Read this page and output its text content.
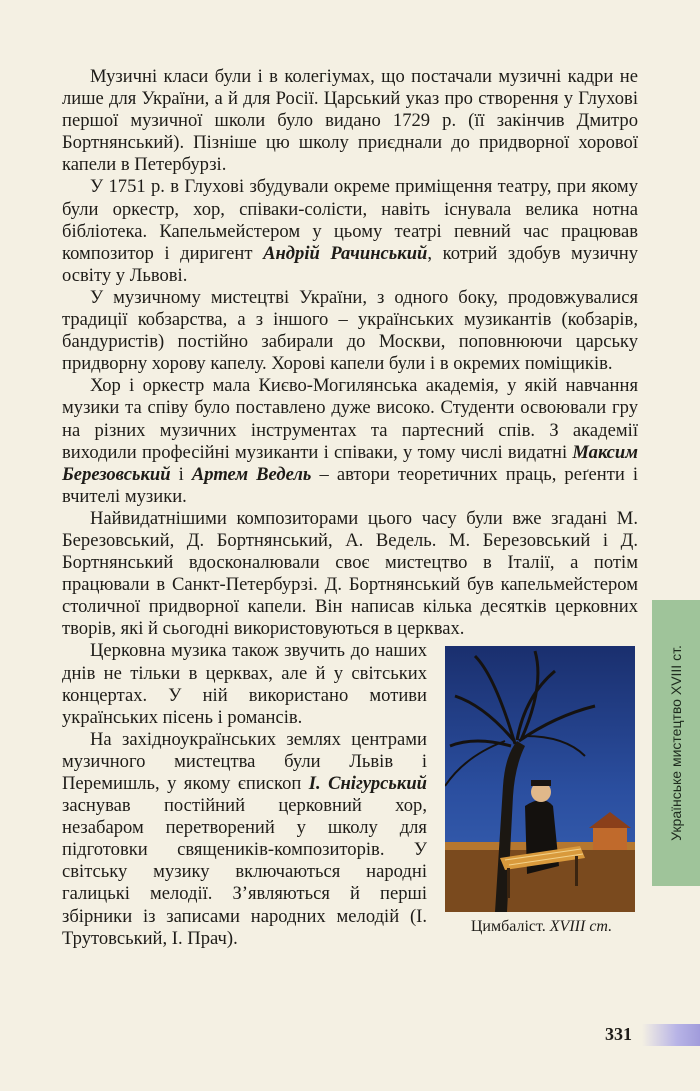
Музичні класи були і в колегіумах, що постачали музичні кадри не лише для України, а й для Росії. Царський указ про створення у Глухові першої музичної школи було видано 1729 р. (її закінчив Дмитро Бортнянський). Пізніше цю школу приєднали до придворної хорової капели в Петербурзі.

У 1751 р. в Глухові збудували окреме приміщення театру, при якому були оркестр, хор, співаки-солісти, навіть існувала велика нотна бібліотека. Капельмейстером у цьому театрі певний час працював композитор і диригент Андрій Рачинський, котрий здобув музичну освіту у Львові.

У музичному мистецтві України, з одного боку, продовжувалися традиції кобзарства, а з іншого – українських музикантів (кобзарів, бандуристів) постійно забирали до Москви, поповнюючи царську придворну хорову капелу. Хорові капели були і в окремих поміщиків.

Хор і оркестр мала Києво-Могилянська академія, у якій навчання музики та співу було поставлено дуже високо. Студенти освоювали гру на різних музичних інструментах та партесний спів. З академії виходили професійні музиканти і співаки, у тому числі видатні Максим Березовський і Артем Ведель – автори теоретичних праць, реґенти і вчителі музики.

Найвидатнішими композиторами цього часу були вже згадані М. Березовський, Д. Бортнянський, А. Ведель. М. Березовський і Д. Бортнянський вдосконалювали своє мистецтво в Італії, а потім працювали в Санкт-Петербурзі. Д. Бортнянський був капельмейстером столичної придворної капели. Він написав кілька десятків церковних творів, які й сьогодні використовуються в церквах.

Цимбаліст. XVIII ст.

Церковна музика також звучить до наших днів не тільки в церквах, але й у світських концертах. У ній використано мотиви українських пісень і романсів.

На західноукраїнських землях центрами музичного мистецтва були Львів і Перемишль, у якому єпископ І. Снігурський заснував постійний церковний хор, незабаром перетворений у школу для підготовки священиків-композиторів. У світську музику включаються народні галицькі мелодії. З’являються й перші збірники із записами народних мелодій (І. Трутовський, І. Прач).

Українське мистецтво XVIII ст.
331
